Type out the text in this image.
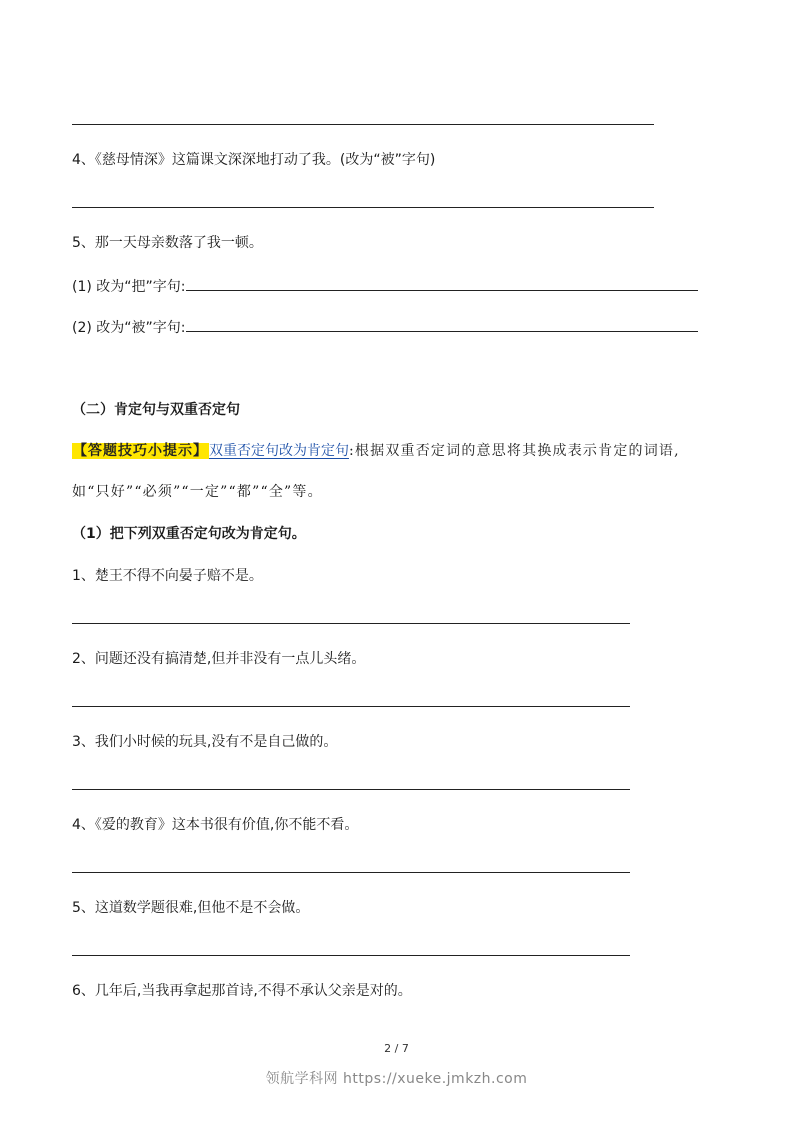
4、《慈母情深》这篇课文深深地打动了我。(改为“被”字句)
5、那一天母亲数落了我一顿。
(1) 改为“把”字句:
(2) 改为“被”字句:
（二）肯定句与双重否定句
【答题技巧小提示】双重否定句改为肯定句:根据双重否定词的意思将其换成表示肯定的词语,
如“只好”“必须”“一定”“都”“全”等。
（1）把下列双重否定句改为肯定句。
1、楚王不得不向晏子赔不是。
2、问题还没有搞清楚,但并非没有一点儿头绪。
3、我们小时候的玩具,没有不是自己做的。
4、《爱的教育》这本书很有价值,你不能不看。
5、这道数学题很难,但他不是不会做。
6、几年后,当我再拿起那首诗,不得不承认父亲是对的。
2 / 7
领航学科网 https://xueke.jmkzh.com
